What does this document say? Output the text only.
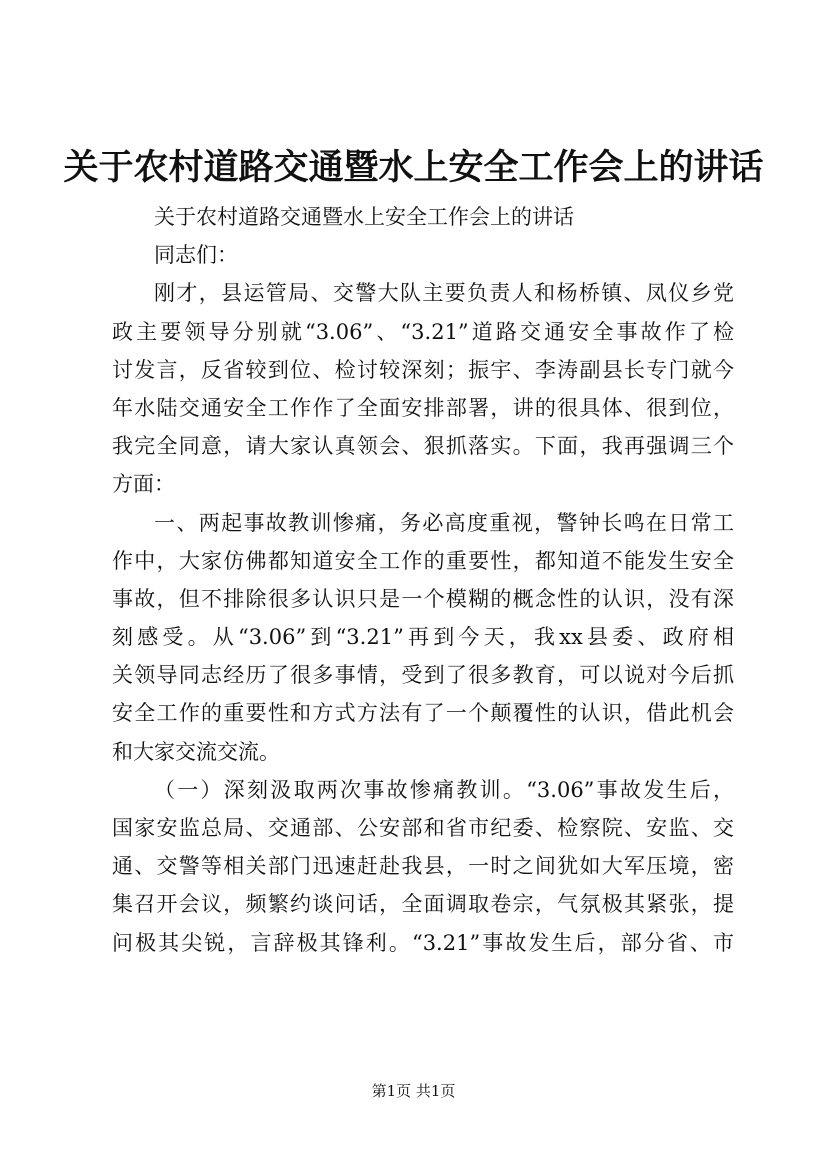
关于农村道路交通暨水上安全工作会上的讲话
关于农村道路交通暨水上安全工作会上的讲话
同志们：
刚才，县运管局、交警大队主要负责人和杨桥镇、凤仪乡党
政主要领导分别就“3.06”、“3.21”道路交通安全事故作了检
讨发言，反省较到位、检讨较深刻；振宇、李涛副县长专门就今
年水陆交通安全工作作了全面安排部署，讲的很具体、很到位，
我完全同意，请大家认真领会、狠抓落实。下面，我再强调三个
方面：
一、两起事故教训惨痛，务必高度重视，警钟长鸣在日常工
作中，大家仿佛都知道安全工作的重要性，都知道不能发生安全
事故，但不排除很多认识只是一个模糊的概念性的认识，没有深
刻感受。从“3.06”到“3.21”再到今天，我xx县委、政府相
关领导同志经历了很多事情，受到了很多教育，可以说对今后抓
安全工作的重要性和方式方法有了一个颠覆性的认识，借此机会
和大家交流交流。
（一）深刻汲取两次事故惨痛教训。“3.06”事故发生后，
国家安监总局、交通部、公安部和省市纪委、检察院、安监、交
通、交警等相关部门迅速赶赴我县，一时之间犹如大军压境，密
集召开会议，频繁约谈问话，全面调取卷宗，气氛极其紧张，提
问极其尖锐，言辞极其锋利。“3.21”事故发生后，部分省、市
第1页 共1页
